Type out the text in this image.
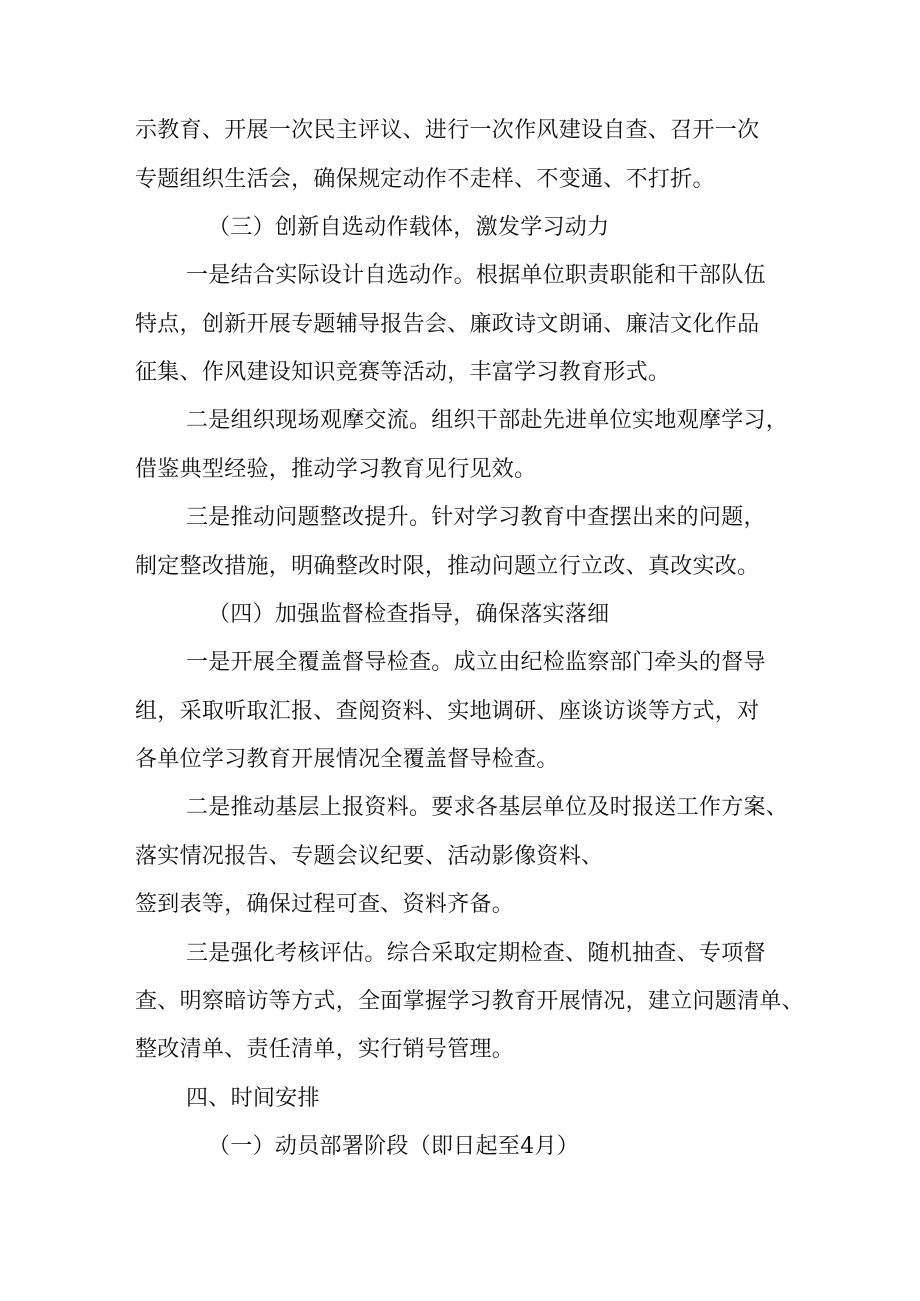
示教育、开展一次民主评议、进行一次作风建设自查、召开一次
专题组织生活会，确保规定动作不走样、不变通、不打折。
（三）创新自选动作载体，激发学习动力
一是结合实际设计自选动作。根据单位职责职能和干部队伍
特点，创新开展专题辅导报告会、廉政诗文朗诵、廉洁文化作品
征集、作风建设知识竞赛等活动，丰富学习教育形式。
二是组织现场观摩交流。组织干部赴先进单位实地观摩学习，
借鉴典型经验，推动学习教育见行见效。
三是推动问题整改提升。针对学习教育中查摆出来的问题，
制定整改措施，明确整改时限，推动问题立行立改、真改实改。
（四）加强监督检查指导，确保落实落细
一是开展全覆盖督导检查。成立由纪检监察部门牵头的督导
组，采取听取汇报、查阅资料、实地调研、座谈访谈等方式，对
各单位学习教育开展情况全覆盖督导检查。
二是推动基层上报资料。要求各基层单位及时报送工作方案、
落实情况报告、专题会议纪要、活动影像资料、
签到表等，确保过程可查、资料齐备。
三是强化考核评估。综合采取定期检查、随机抽查、专项督
查、明察暗访等方式，全面掌握学习教育开展情况，建立问题清单、
整改清单、责任清单，实行销号管理。
四、时间安排
（一）动员部署阶段（即日起至4月）
